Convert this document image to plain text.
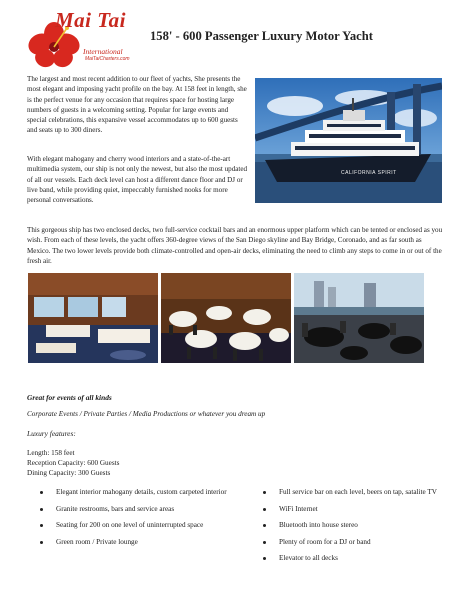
Mai Tai
International
MaiTaiCharters.com
158' - 600 Passenger Luxury Motor Yacht

The largest and most recent addition to our fleet of yachts, She presents the most elegant and imposing yacht profile on the bay. At 158 feet in length, she is the perfect venue for any occasion that requires space for hosting large numbers of guests in a welcoming setting. Popular for large events and special celebrations, this expansive vessel accommodates up to 600 guests and seats up to 300 diners.

With elegant mahogany and cherry wood interiors and a state-of-the-art multimedia system, our ship is not only the newest, but also the most updated of all our vessels. Each deck level can host a different dance floor and DJ or live band, while providing quiet, impeccably furnished nooks for more personal conversations.

This gorgeous ship has two enclosed decks, two full-service cocktail bars and an enormous upper platform which can be tented or enclosed as you wish. From each of these levels, the yacht offers 360-degree views of the San Diego skyline and Bay Bridge, Coronado, and as far south as Mexico. The two lower levels provide both climate-controlled and open-air decks, eliminating the need to climb any steps to come in or out of the fresh air.

CALIFORNIA SPIRIT
Great for events of all kinds
Corporate Events / Private Parties / Media Productions or whatever you dream up
Luxury features:
Length: 158 feet
Reception Capacity: 600 Guests
Dining Capacity: 300 Guests
Elegant interior mahogany details, custom carpeted interior
Granite restrooms, bars and service areas
Seating for 200 on one level of uninterrupted space
Green room / Private lounge
Full service bar on each level, beers on tap, satalite TV
WiFi Internet
Bluetooth into house stereo
Plenty of room for a DJ or band
Elevator to all decks
